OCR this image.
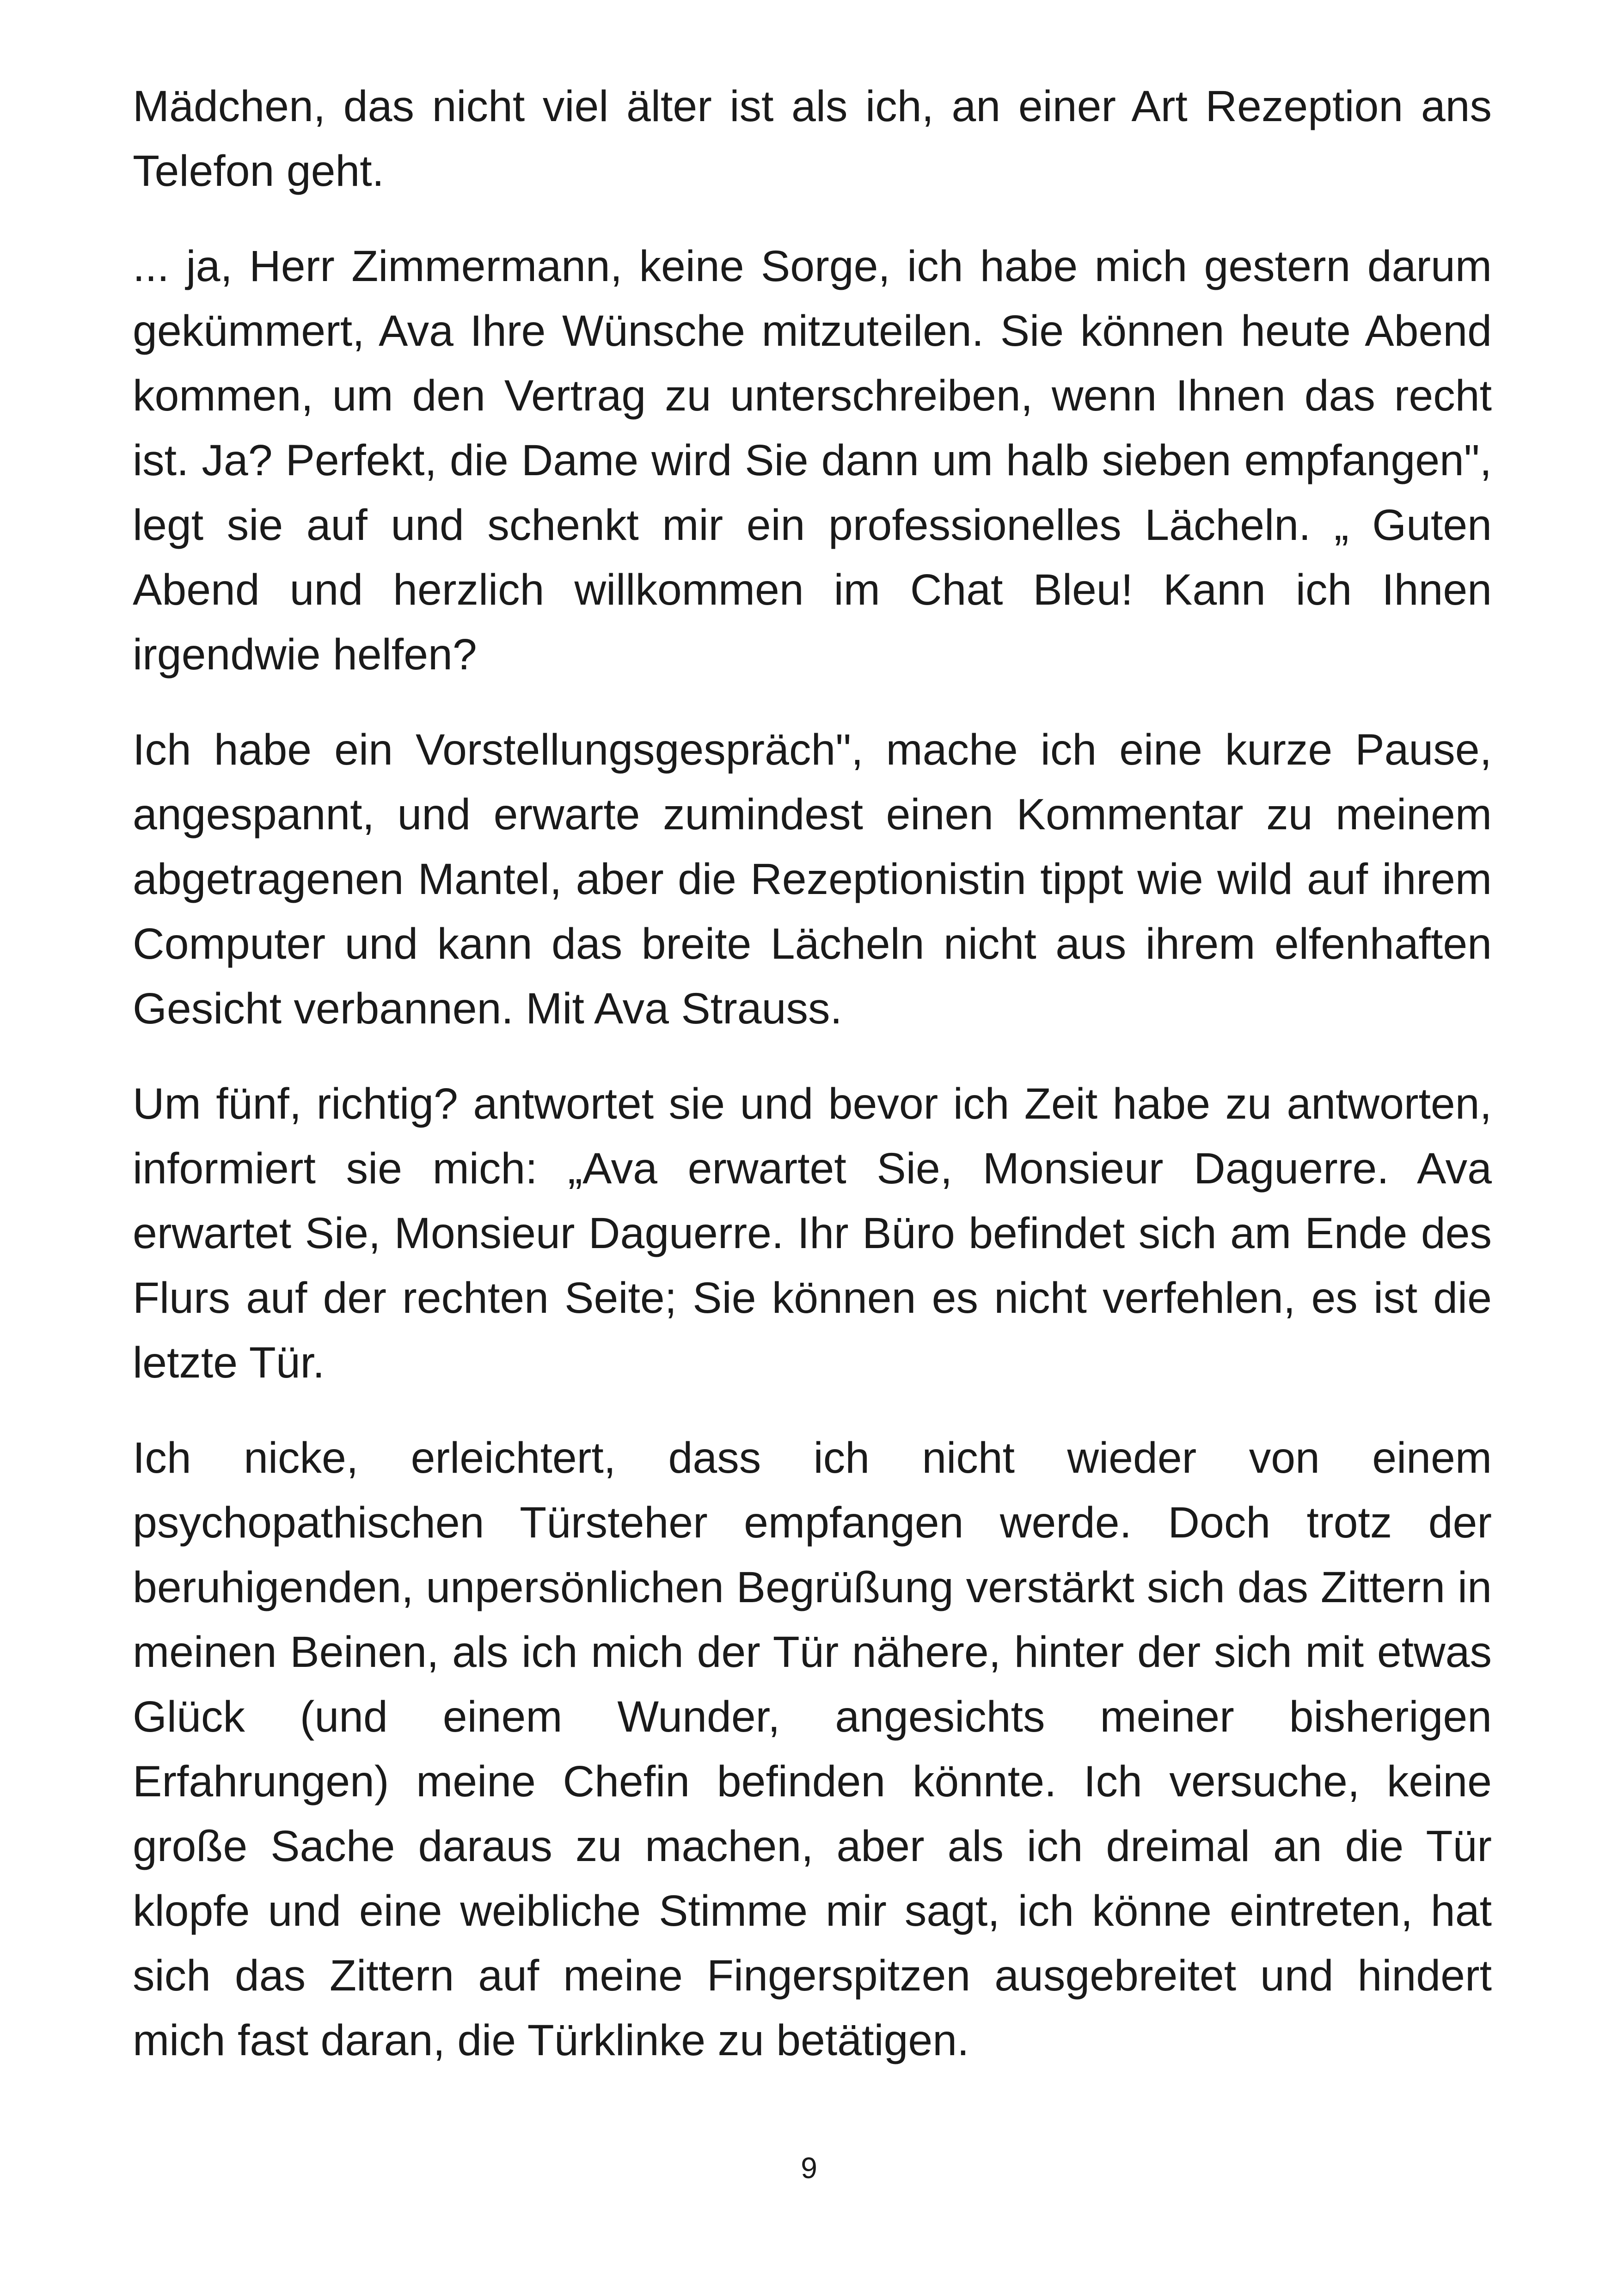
Mädchen, das nicht viel älter ist als ich, an einer Art Rezeption ans Telefon geht.

... ja, Herr Zimmermann, keine Sorge, ich habe mich gestern darum gekümmert, Ava Ihre Wünsche mitzuteilen. Sie können heute Abend kommen, um den Vertrag zu unterschreiben, wenn Ihnen das recht ist. Ja? Perfekt, die Dame wird Sie dann um halb sieben empfangen", legt sie auf und schenkt mir ein professionelles Lächeln. „ Guten Abend und herzlich willkommen im Chat Bleu! Kann ich Ihnen irgendwie helfen?

Ich habe ein Vorstellungsgespräch", mache ich eine kurze Pause, angespannt, und erwarte zumindest einen Kommentar zu meinem abgetragenen Mantel, aber die Rezeptionistin tippt wie wild auf ihrem Computer und kann das breite Lächeln nicht aus ihrem elfenhaften Gesicht verbannen. Mit Ava Strauss.

Um fünf, richtig? antwortet sie und bevor ich Zeit habe zu antworten, informiert sie mich: „Ava erwartet Sie, Monsieur Daguerre. Ava erwartet Sie, Monsieur Daguerre. Ihr Büro befindet sich am Ende des Flurs auf der rechten Seite; Sie können es nicht verfehlen, es ist die letzte Tür.

Ich nicke, erleichtert, dass ich nicht wieder von einem psychopathischen Türsteher empfangen werde. Doch trotz der beruhigenden, unpersönlichen Begrüßung verstärkt sich das Zittern in meinen Beinen, als ich mich der Tür nähere, hinter der sich mit etwas Glück (und einem Wunder, angesichts meiner bisherigen Erfahrungen) meine Chefin befinden könnte. Ich versuche, keine große Sache daraus zu machen, aber als ich dreimal an die Tür klopfe und eine weibliche Stimme mir sagt, ich könne eintreten, hat sich das Zittern auf meine Fingerspitzen ausgebreitet und hindert mich fast daran, die Türklinke zu betätigen.

9
